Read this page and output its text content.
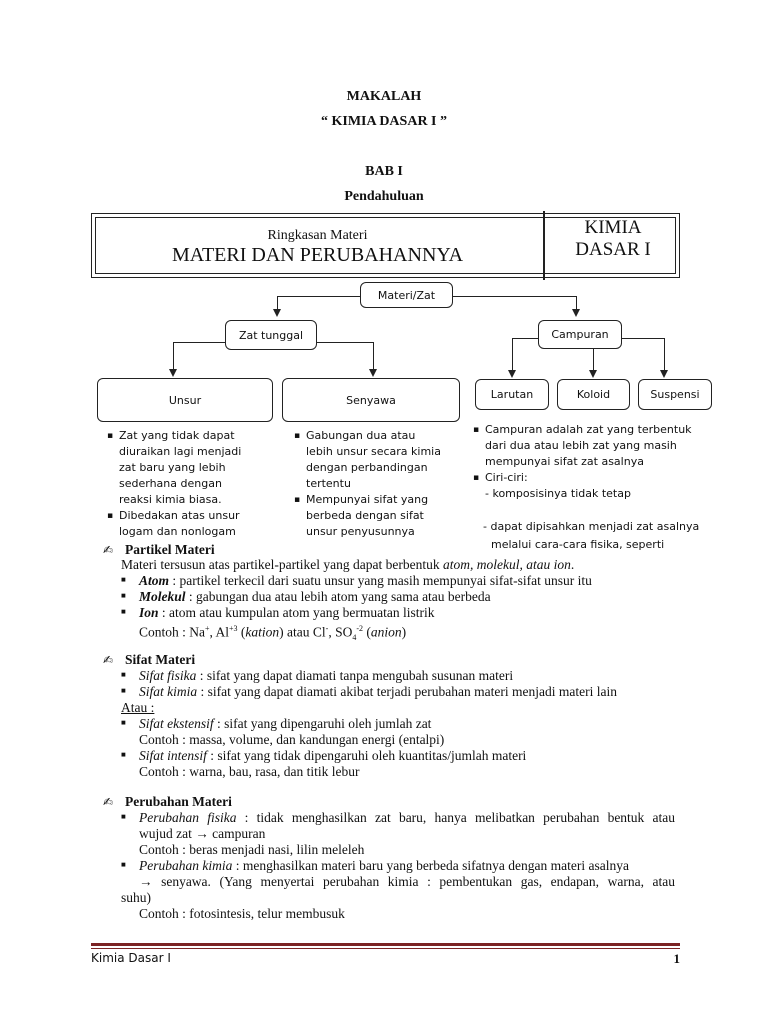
MAKALAH
“ KIMIA DASAR I ”
BAB I
Pendahuluan
Ringkasan Materi
MATERI DAN PERUBAHANNYA
KIMIA
DASAR I
Materi/Zat
Zat tunggal	Campuran
Unsur	Senyawa	Larutan	Koloid	Suspensi
▪ Zat yang tidak dapat
diuraikan lagi menjadi
zat baru yang lebih
sederhana dengan
reaksi kimia biasa.
▪ Dibedakan atas unsur
logam dan nonlogam
▪ Gabungan dua atau
lebih unsur secara kimia
dengan perbandingan
tertentu
▪ Mempunyai sifat yang
berbeda dengan sifat
unsur penyusunnya
▪ Campuran adalah zat yang terbentuk
dari dua atau lebih zat yang masih
mempunyai sifat zat asalnya
▪ Ciri-ciri:
- komposisinya tidak tetap
- dapat dipisahkan menjadi zat asalnya
melalui cara-cara fisika, seperti
✍ Partikel Materi
Materi tersusun atas partikel-partikel yang dapat berbentuk atom, molekul, atau ion.
■ Atom : partikel terkecil dari suatu unsur yang masih mempunyai sifat-sifat unsur itu
■ Molekul : gabungan dua atau lebih atom yang sama atau berbeda
■ Ion : atom atau kumpulan atom yang bermuatan listrik
Contoh : Na+, $Al^{+3}$ (kation) atau Cl-, $SO_4^{-2}$ (anion)
✍ Sifat Materi
■ Sifat fisika : sifat yang dapat diamati tanpa mengubah susunan materi
■ Sifat kimia : sifat yang dapat diamati akibat terjadi perubahan materi menjadi materi lain
Atau :
■ Sifat ekstensif : sifat yang dipengaruhi oleh jumlah zat
Contoh : massa, volume, dan kandungan energi (entalpi)
■ Sifat intensif : sifat yang tidak dipengaruhi oleh kuantitas/jumlah materi
Contoh : warna, bau, rasa, dan titik lebur
✍ Perubahan Materi
■ Perubahan fisika : tidak menghasilkan zat baru, hanya melibatkan perubahan bentuk atau
wujud zat → campuran
Contoh : beras menjadi nasi, lilin meleleh
■ Perubahan kimia : menghasilkan materi baru yang berbeda sifatnya dengan materi asalnya
→ senyawa. (Yang menyertai perubahan kimia : pembentukan gas, endapan, warna, atau
suhu)
Contoh : fotosintesis, telur membusuk
Kimia Dasar I	1
